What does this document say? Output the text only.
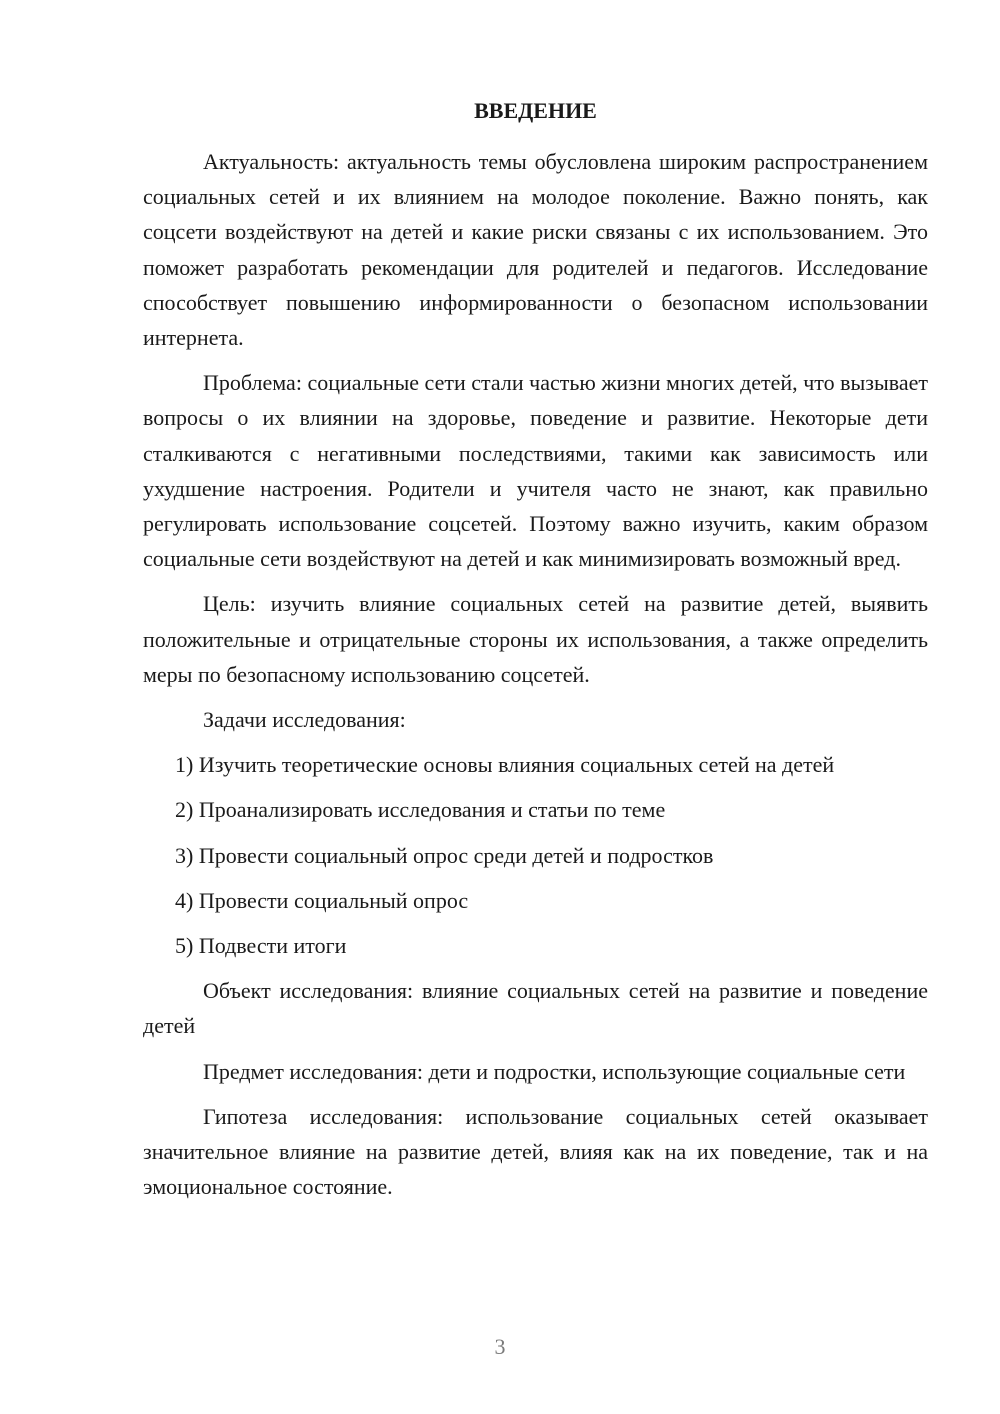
ВВЕДЕНИЕ

Актуальность: актуальность темы обусловлена широким распространением социальных сетей и их влиянием на молодое поколение. Важно понять, как соцсети воздействуют на детей и какие риски связаны с их использованием. Это поможет разработать рекомендации для родителей и педагогов. Исследование способствует повышению информированности о безопасном использовании интернета.

Проблема: социальные сети стали частью жизни многих детей, что вызывает вопросы о их влиянии на здоровье, поведение и развитие. Некоторые дети сталкиваются с негативными последствиями, такими как зависимость или ухудшение настроения. Родители и учителя часто не знают, как правильно регулировать использование соцсетей. Поэтому важно изучить, каким образом социальные сети воздействуют на детей и как минимизировать возможный вред.

Цель: изучить влияние социальных сетей на развитие детей, выявить положительные и отрицательные стороны их использования, а также определить меры по безопасному использованию соцсетей.

Задачи исследования:
1) Изучить теоретические основы влияния социальных сетей на детей
2) Проанализировать исследования и статьи по теме
3) Провести социальный опрос среди детей и подростков
4) Провести социальный опрос
5) Подвести итоги

Объект исследования: влияние социальных сетей на развитие и поведение детей

Предмет исследования: дети и подростки, использующие социальные сети

Гипотеза исследования: использование социальных сетей оказывает значительное влияние на развитие детей, влияя как на их поведение, так и на эмоциональное состояние.

3
